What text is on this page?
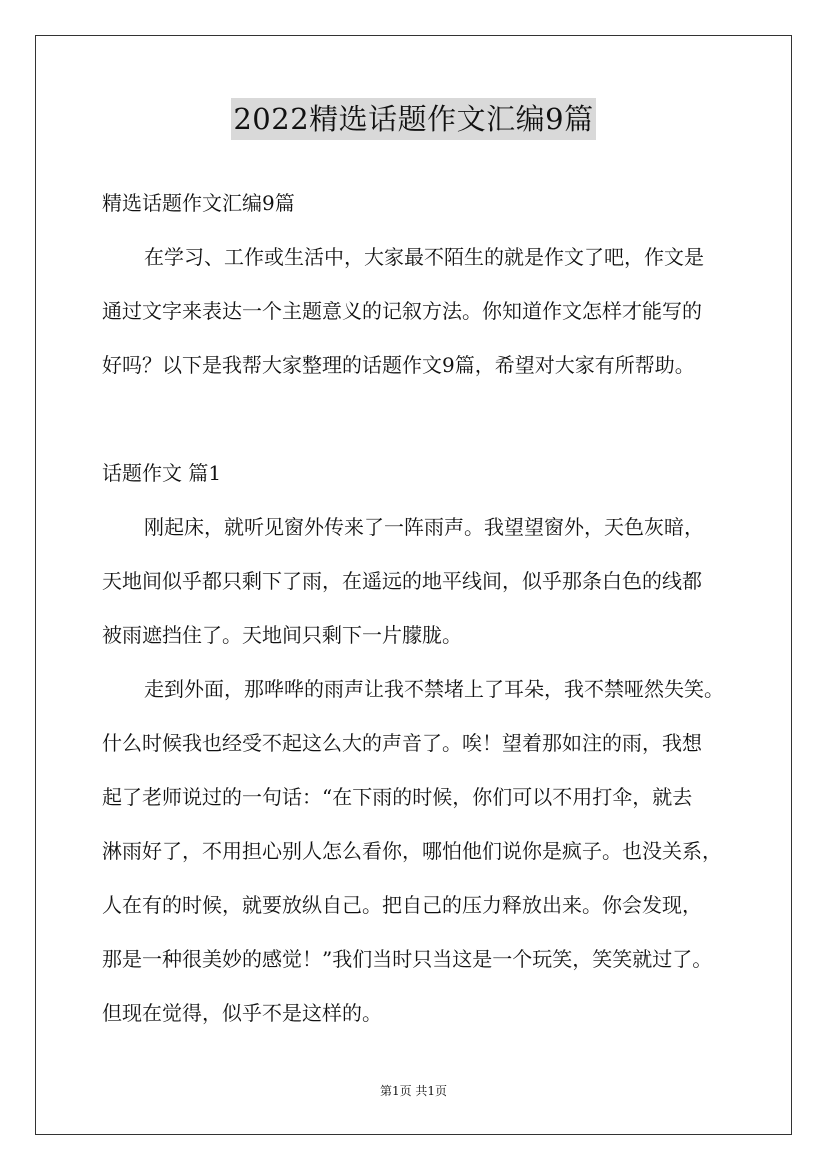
2022精选话题作文汇编9篇
精选话题作文汇编9篇
在学习、工作或生活中，大家最不陌生的就是作文了吧，作文是
通过文字来表达一个主题意义的记叙方法。你知道作文怎样才能写的
好吗？以下是我帮大家整理的话题作文9篇，希望对大家有所帮助。
话题作文 篇1
刚起床，就听见窗外传来了一阵雨声。我望望窗外，天色灰暗，
天地间似乎都只剩下了雨，在遥远的地平线间，似乎那条白色的线都
被雨遮挡住了。天地间只剩下一片朦胧。
走到外面，那哗哗的雨声让我不禁堵上了耳朵，我不禁哑然失笑。
什么时候我也经受不起这么大的声音了。唉！望着那如注的雨，我想
起了老师说过的一句话：“在下雨的时候，你们可以不用打伞，就去
淋雨好了，不用担心别人怎么看你，哪怕他们说你是疯子。也没关系，
人在有的时候，就要放纵自己。把自己的压力释放出来。你会发现，
那是一种很美妙的感觉！”我们当时只当这是一个玩笑，笑笑就过了。
但现在觉得，似乎不是这样的。
第1页 共1页
